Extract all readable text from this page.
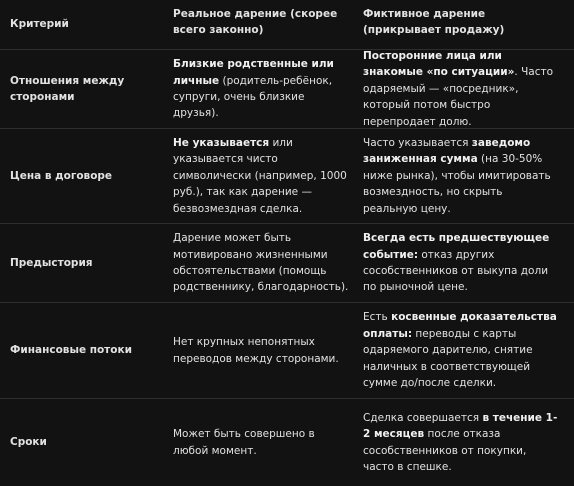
Критерий
Реальное дарение (скорее всего законно)
Фиктивное дарение (прикрывает продажу)
Отношения между сторонами
Близкие родственные или личные (родитель-ребёнок, супруги, очень близкие друзья).
Посторонние лица или знакомые «по ситуации». Часто одаряемый — «посредник», который потом быстро перепродает долю.
Цена в договоре
Не указывается или указывается чисто символически (например, 1000 руб.), так как дарение — безвозмездная сделка.
Часто указывается заведомо заниженная сумма (на 30-50% ниже рынка), чтобы имитировать возмездность, но скрыть реальную цену.
Предыстория
Дарение может быть мотивировано жизненными обстоятельствами (помощь родственнику, благодарность).
Всегда есть предшествующее событие: отказ других сособственников от выкупа доли по рыночной цене.
Финансовые потоки
Нет крупных непонятных переводов между сторонами.
Есть косвенные доказательства оплаты: переводы с карты одаряемого дарителю, снятие наличных в соответствующей сумме до/после сделки.
Сроки
Может быть совершено в любой момент.
Сделка совершается в течение 1-2 месяцев после отказа сособственников от покупки, часто в спешке.
